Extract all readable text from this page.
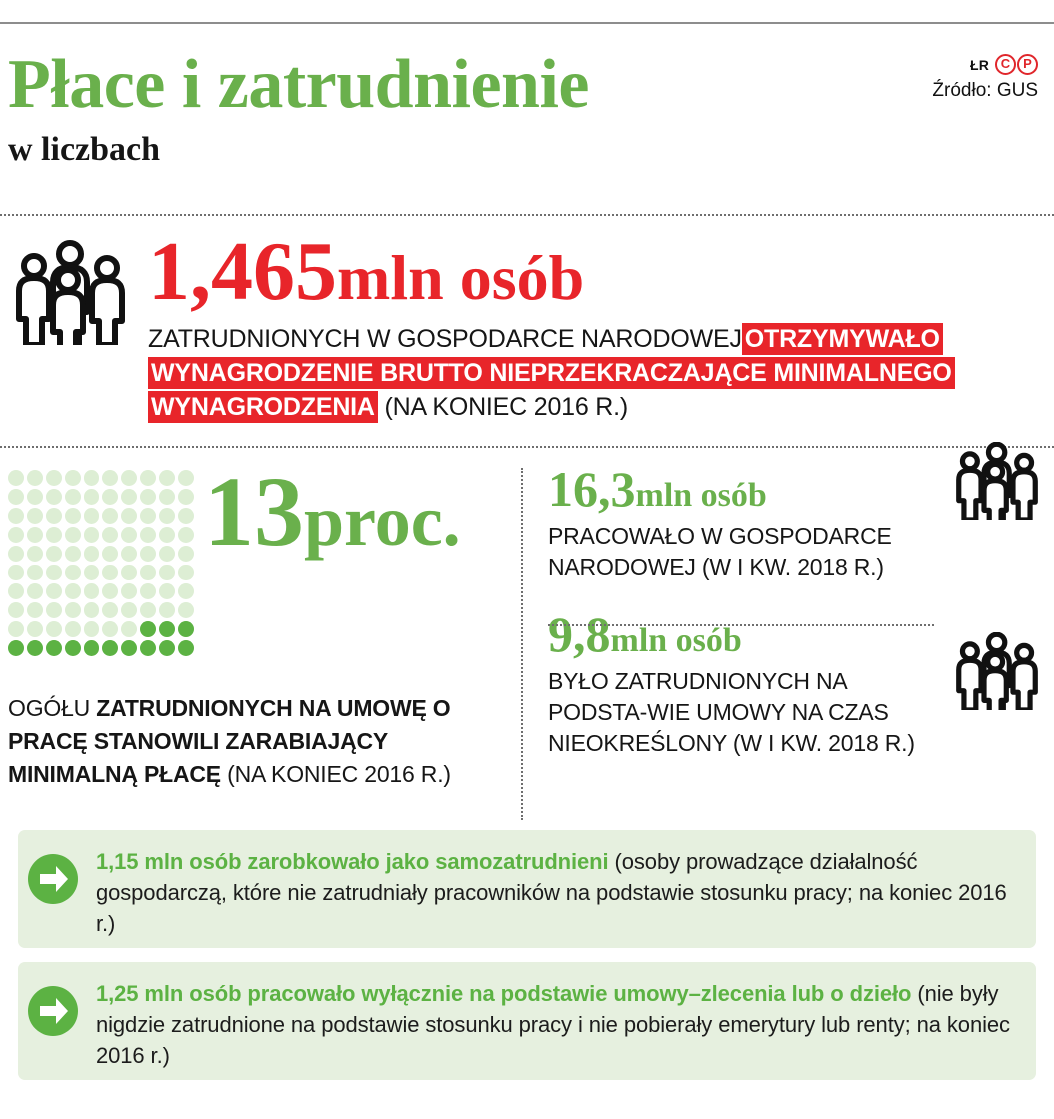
Płace i zatrudnienie
w liczbach
ŁR C P
Źródło: GUS
1,465mln osób
ZATRUDNIONYCH W GOSPODARCE NARODOWEJ OTRZYMYWAŁO WYNAGRODZENIE BRUTTO NIEPRZEKRACZAJĄCE MINIMALNEGO WYNAGRODZENIA (NA KONIEC 2016 R.)
13proc.
OGÓŁU ZATRUDNIONYCH NA UMOWĘ O PRACĘ STANOWILI ZARABIAJĄCY MINIMALNĄ PŁACĘ (NA KONIEC 2016 R.)
16,3mln osób
PRACOWAŁO W GOSPODARCE NARODOWEJ (W I KW. 2018 R.)
9,8mln osób
BYŁO ZATRUDNIONYCH NA PODSTA-WIE UMOWY NA CZAS NIEOKREŚLONY (W I KW. 2018 R.)
1,15 mln osób zarobkowało jako samozatrudnieni (osoby prowadzące działalność gospodarczą, które nie zatrudniały pracowników na podstawie stosunku pracy; na koniec 2016 r.)
1,25 mln osób pracowało wyłącznie na podstawie umowy–zlecenia lub o dzieło (nie były nigdzie zatrudnione na podstawie stosunku pracy i nie pobierały emerytury lub renty; na koniec 2016 r.)
